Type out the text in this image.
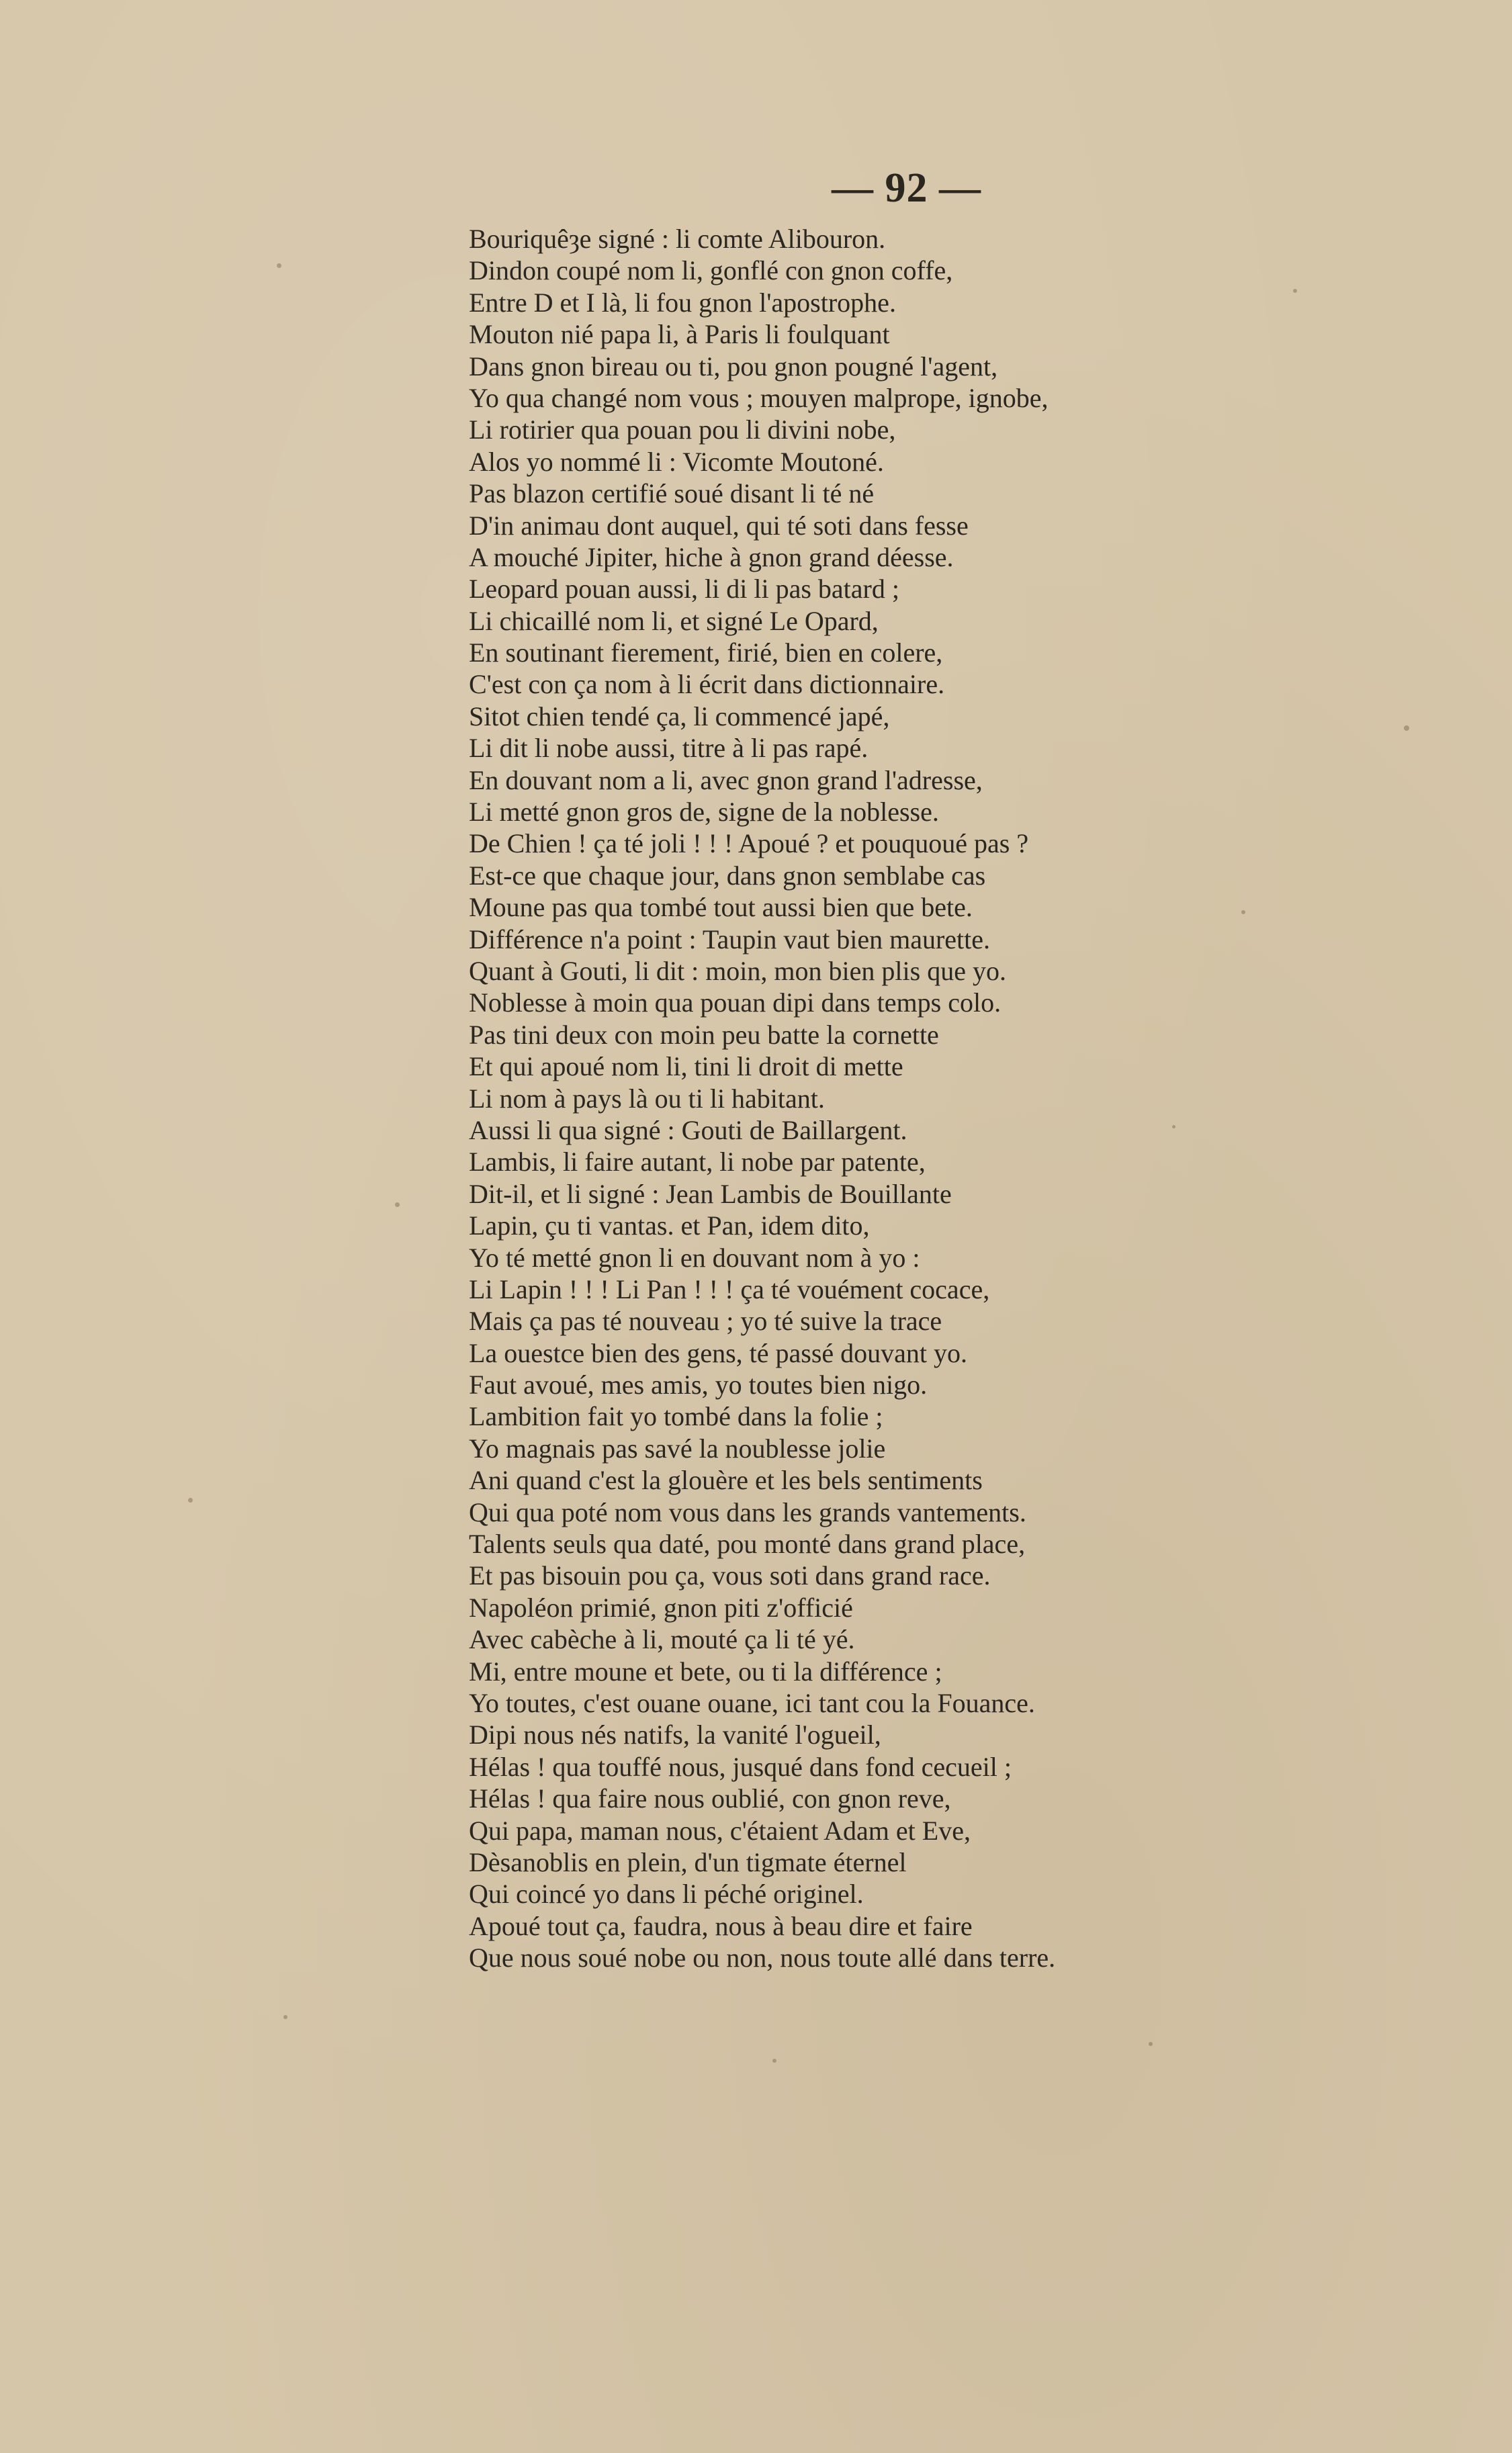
— 92 —
Bouriquêȝe signé : li comte Alibouron.
Dindon coupé nom li, gonflé con gnon coffe,
Entre D et I là, li fou gnon l'apostrophe.
Mouton nié papa li, à Paris li foulquant
Dans gnon bireau ou ti, pou gnon pougné l'agent,
Yo qua changé nom vous ; mouyen malprope, ignobe,
Li rotirier qua pouan pou li divini nobe,
Alos yo nommé li : Vicomte Moutoné.
Pas blazon certifié soué disant li té né
D'in animau dont auquel, qui té soti dans fesse
A mouché Jipiter, hiche à gnon grand déesse.
Leopard pouan aussi, li di li pas batard ;
Li chicaillé nom li, et signé Le Opard,
En soutinant fierement, firié, bien en colere,
C'est con ça nom à li écrit dans dictionnaire.
Sitot chien tendé ça, li commencé japé,
Li dit li nobe aussi, titre à li pas rapé.
En douvant nom a li, avec gnon grand l'adresse,
Li metté gnon gros de, signe de la noblesse.
De Chien ! ça té joli ! ! ! Apoué ? et pouquoué pas ?
Est-ce que chaque jour, dans gnon semblabe cas
Moune pas qua tombé tout aussi bien que bete.
Différence n'a point : Taupin vaut bien maurette.
Quant à Gouti, li dit : moin, mon bien plis que yo.
Noblesse à moin qua pouan dipi dans temps colo.
Pas tini deux con moin peu batte la cornette
Et qui apoué nom li, tini li droit di mette
Li nom à pays là ou ti li habitant.
Aussi li qua signé : Gouti de Baillargent.
Lambis, li faire autant, li nobe par patente,
Dit-il, et li signé : Jean Lambis de Bouillante
Lapin, çu ti vantas. et Pan, idem dito,
Yo té metté gnon li en douvant nom à yo :
Li Lapin ! ! ! Li Pan ! ! ! ça té vouément cocace,
Mais ça pas té nouveau ; yo té suive la trace
La ouestce bien des gens, té passé douvant yo.
Faut avoué, mes amis, yo toutes bien nigo.
Lambition fait yo tombé dans la folie ;
Yo magnais pas savé la noublesse jolie
Ani quand c'est la glouère et les bels sentiments
Qui qua poté nom vous dans les grands vantements.
Talents seuls qua daté, pou monté dans grand place,
Et pas bisouin pou ça, vous soti dans grand race.
Napoléon primié, gnon piti z'officié
Avec cabèche à li, mouté ça li té yé.
Mi, entre moune et bete, ou ti la différence ;
Yo toutes, c'est ouane ouane, ici tant cou la Fouance.
Dipi nous nés natifs, la vanité l'ogueil,
Hélas ! qua touffé nous, jusqué dans fond cecueil ;
Hélas ! qua faire nous oublié, con gnon reve,
Qui papa, maman nous, c'étaient Adam et Eve,
Dèsanoblis en plein, d'un tigmate éternel
Qui coincé yo dans li péché originel.
Apoué tout ça, faudra, nous à beau dire et faire
Que nous soué nobe ou non, nous toute allé dans terre.
